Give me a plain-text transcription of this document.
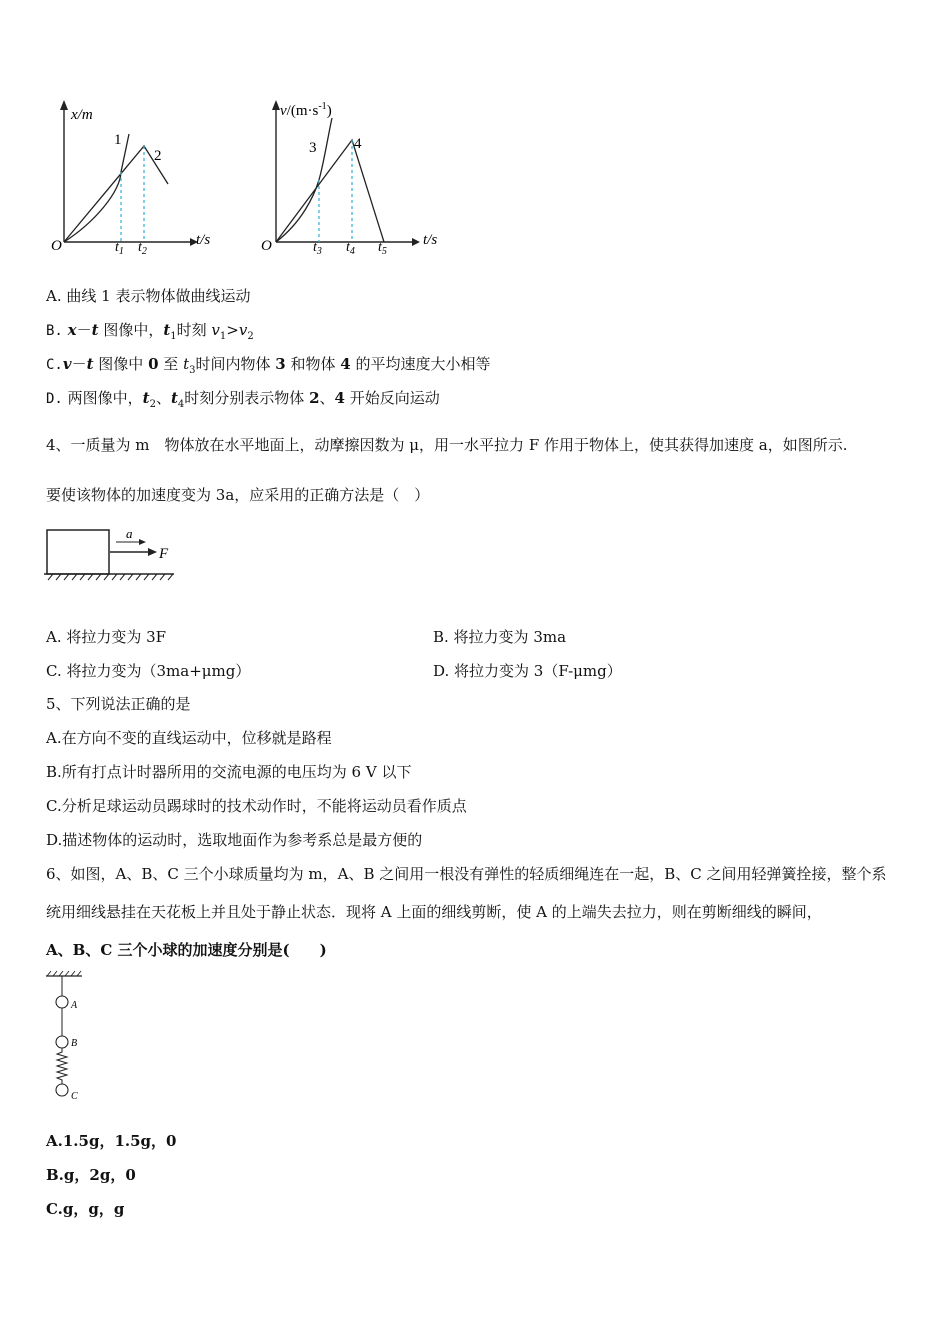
x/m
1
2
O	t/s
$t_1$ $t_2$
$v/(m\cdot s^{-1})$
3	4
O	t/s
$t_3$ $t_4$ $t_5$
A. 曲线 1 表示物体做曲线运动
B. x－t 图像中，$t_1$时刻 $v_1>v_2$
C.v－t 图像中 0 至 $t_3$时间内物体 3 和物体 4 的平均速度大小相等
D. 两图像中，$t_2$、$t_4$时刻分别表示物体 2、4 开始反向运动
4、一质量为 m　物体放在水平地面上，动摩擦因数为 μ，用一水平拉力 F 作用于物体上，使其获得加速度 a，如图所示.
要使该物体的加速度变为 3a，应采用的正确方法是（　）
a
F
A. 将拉力变为 3F	B. 将拉力变为 3ma
C. 将拉力变为（3ma+μmg）	D. 将拉力变为 3（F-μmg）
5、下列说法正确的是
A.在方向不变的直线运动中，位移就是路程
B.所有打点计时器所用的交流电源的电压均为 6 V 以下
C.分析足球运动员踢球时的技术动作时，不能将运动员看作质点
D.描述物体的运动时，选取地面作为参考系总是最方便的
6、如图，A、B、C 三个小球质量均为 m，A、B 之间用一根没有弹性的轻质细绳连在一起，B、C 之间用轻弹簧拴接，整个系
统用细线悬挂在天花板上并且处于静止状态．现将 A 上面的细线剪断，使 A 的上端失去拉力，则在剪断细线的瞬间，
A、B、C 三个小球的加速度分别是(　　)
A
B
C
A.1.5g，1.5g，0
B.g，2g，0
C.g，g，g
